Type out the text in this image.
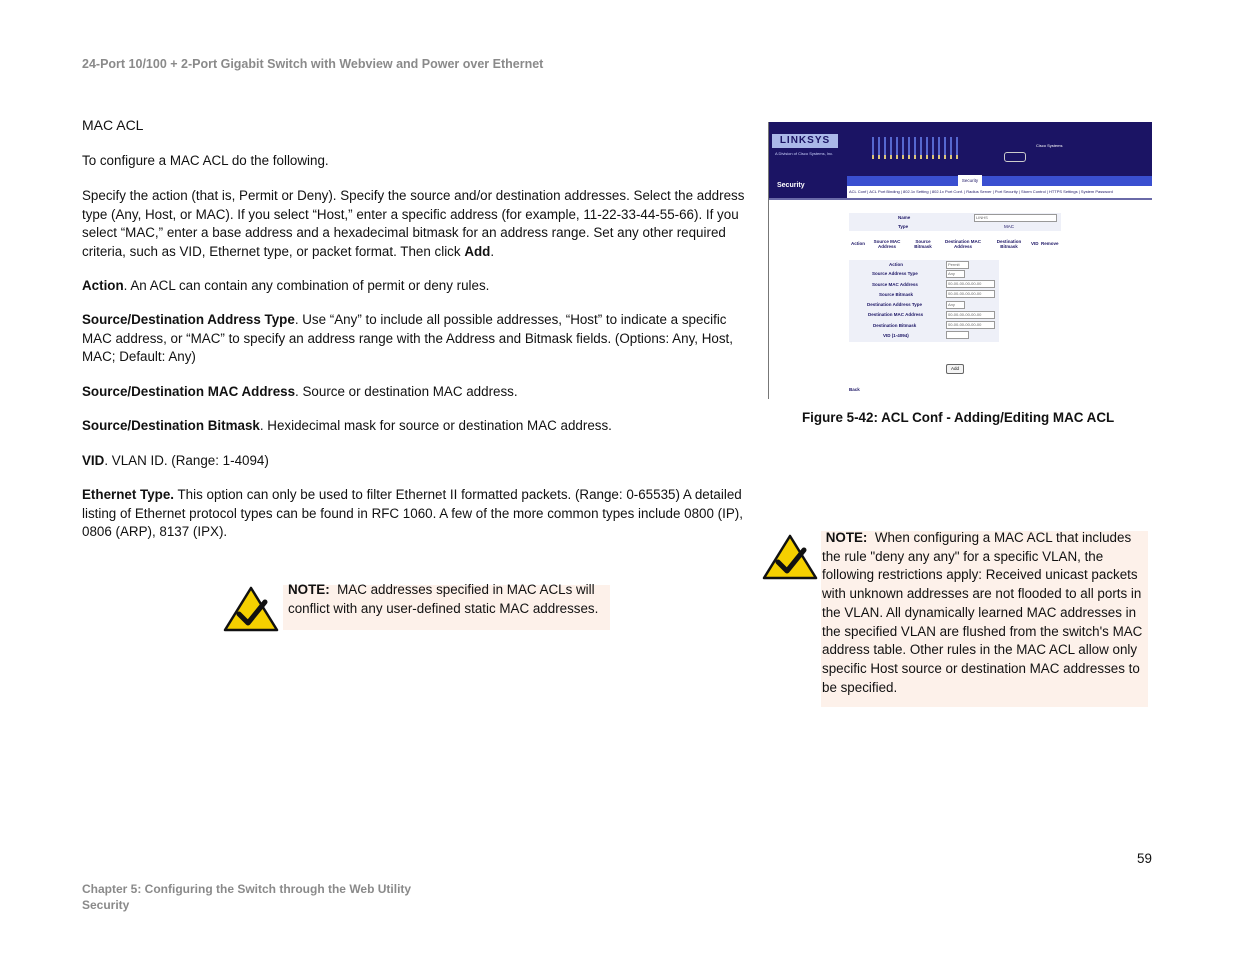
24-Port 10/100 + 2-Port Gigabit Switch with Webview and Power over Ethernet
MAC ACL
To configure a MAC ACL do the following.
Specify the action (that is, Permit or Deny). Specify the source and/or destination addresses. Select the address type (Any, Host, or MAC). If you select “Host,” enter a specific address (for example, 11-22-33-44-55-66). If you select “MAC,” enter a base address and a hexadecimal bitmask for an address range. Set any other required criteria, such as VID, Ethernet type, or packet format. Then click Add.
Action. An ACL can contain any combination of permit or deny rules.
Source/Destination Address Type. Use “Any” to include all possible addresses, “Host” to indicate a specific MAC address, or “MAC” to specify an address range with the Address and Bitmask fields. (Options: Any, Host, MAC; Default: Any)
Source/Destination MAC Address. Source or destination MAC address.
Source/Destination Bitmask. Hexidecimal mask for source or destination MAC address.
VID. VLAN ID. (Range: 1-4094)
Ethernet Type. This option can only be used to filter Ethernet II formatted packets. (Range: 0-65535) A detailed listing of Ethernet protocol types can be found in RFC 1060. A few of the more common types include 0800 (IP), 0806 (ARP), 8137 (IPX).
NOTE: MAC addresses specified in MAC ACLs will conflict with any user-defined static MAC addresses.
LINKSYS
A Division of Cisco Systems, Inc.
Cisco Systems
Security
Security
ACL Conf | ACL Port Binding | 802.1x Setting | 802.1x Port Conf. | Radius Server | Port Security | Storm Control | HTTPS Settings | System Password
Name
Type
LINHS
MAC
Action	Source MAC Address
Source Bitmask
Destination MAC Address
Destination Bitmask
VID Remove
Action
Source Address Type
Source MAC Address
Source Bitmask
Destination Address Type
Destination MAC Address
Destination Bitmask
VID (1-4094)
Permit
Any
00-00-00-00-00-00
00-00-00-00-00-00
Any
00-00-00-00-00-00
00-00-00-00-00-00
Add
Back
Figure 5-42: ACL Conf - Adding/Editing MAC ACL
NOTE: When configuring a MAC ACL that includes the rule "deny any any" for a specific VLAN, the following restrictions apply: Received unicast packets with unknown addresses are not flooded to all ports in the VLAN. All dynamically learned MAC addresses in the specified VLAN are flushed from the switch's MAC address table. Other rules in the MAC ACL allow only specific Host source or destination MAC addresses to be specified.
59
Chapter 5: Configuring the Switch through the Web Utility
Security
